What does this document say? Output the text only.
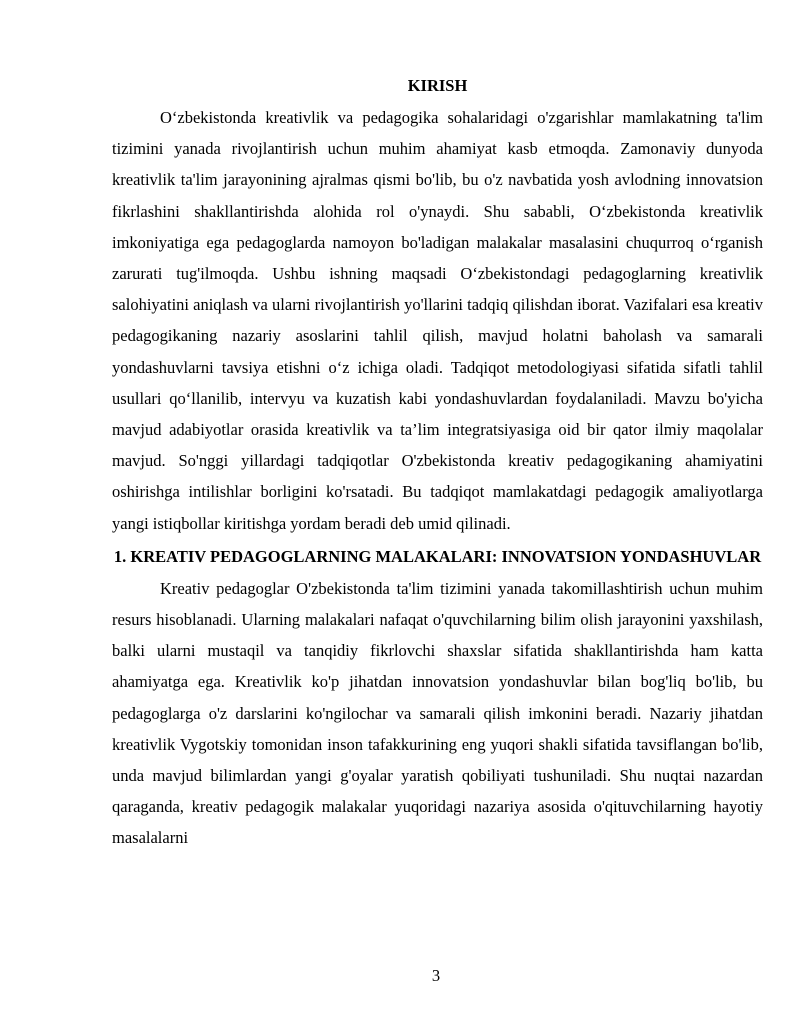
KIRISH

O‘zbekistonda kreativlik va pedagogika sohalaridagi o'zgarishlar mamlakatning ta'lim tizimini yanada rivojlantirish uchun muhim ahamiyat kasb etmoqda. Zamonaviy dunyoda kreativlik ta'lim jarayonining ajralmas qismi bo'lib, bu o'z navbatida yosh avlodning innovatsion fikrlashini shakllantirishda alohida rol o'ynaydi. Shu sababli, O‘zbekistonda kreativlik imkoniyatiga ega pedagoglarda namoyon bo'ladigan malakalar masalasini chuqurroq o‘rganish zarurati tug'ilmoqda. Ushbu ishning maqsadi O‘zbekistondagi pedagoglarning kreativlik salohiyatini aniqlash va ularni rivojlantirish yo'llarini tadqiq qilishdan iborat. Vazifalari esa kreativ pedagogikaning nazariy asoslarini tahlil qilish, mavjud holatni baholash va samarali yondashuvlarni tavsiya etishni o‘z ichiga oladi. Tadqiqot metodologiyasi sifatida sifatli tahlil usullari qo‘llanilib, intervyu va kuzatish kabi yondashuvlardan foydalaniladi. Mavzu bo'yicha mavjud adabiyotlar orasida kreativlik va ta’lim integratsiyasiga oid bir qator ilmiy maqolalar mavjud. So'nggi yillardagi tadqiqotlar O'zbekistonda kreativ pedagogikaning ahamiyatini oshirishga intilishlar borligini ko'rsatadi. Bu tadqiqot mamlakatdagi pedagogik amaliyotlarga yangi istiqbollar kiritishga yordam beradi deb umid qilinadi.

1. KREATIV PEDAGOGLARNING MALAKALARI: INNOVATSION YONDASHUVLAR

Kreativ pedagoglar O'zbekistonda ta'lim tizimini yanada takomillashtirish uchun muhim resurs hisoblanadi. Ularning malakalari nafaqat o'quvchilarning bilim olish jarayonini yaxshilash, balki ularni mustaqil va tanqidiy fikrlovchi shaxslar sifatida shakllantirishda ham katta ahamiyatga ega. Kreativlik ko'p jihatdan innovatsion yondashuvlar bilan bog'liq bo'lib, bu pedagoglarga o'z darslarini ko'ngilochar va samarali qilish imkonini beradi. Nazariy jihatdan kreativlik Vygotskiy tomonidan inson tafakkurining eng yuqori shakli sifatida tavsiflangan bo'lib, unda mavjud bilimlardan yangi g'oyalar yaratish qobiliyati tushuniladi. Shu nuqtai nazardan qaraganda, kreativ pedagogik malakalar yuqoridagi nazariya asosida o'qituvchilarning hayotiy masalalarni

3
